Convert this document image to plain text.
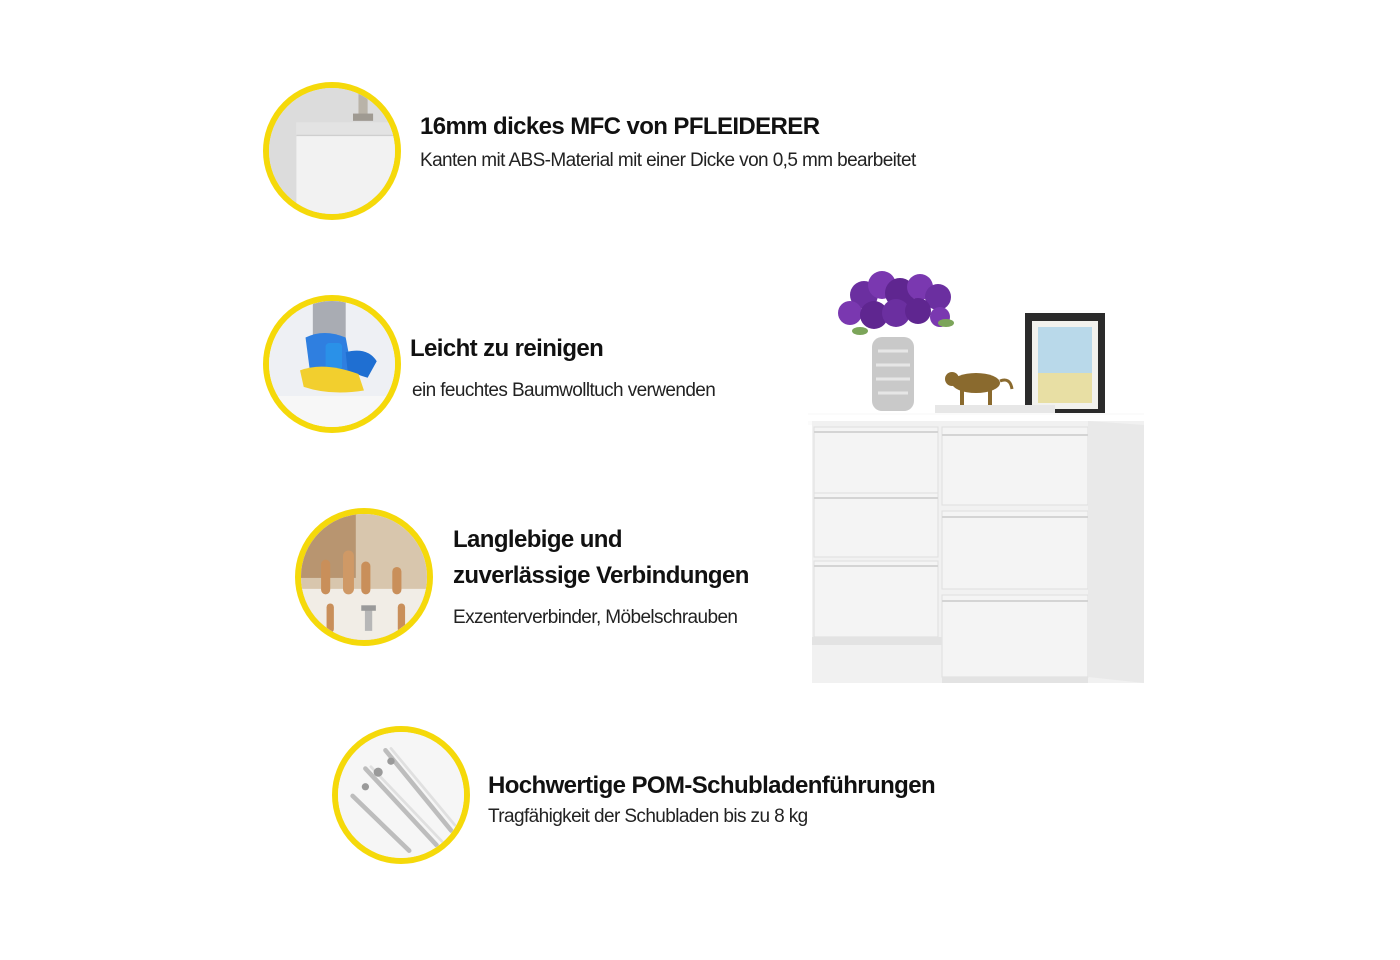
16mm dickes MFC von PFLEIDERER
Kanten mit ABS-Material mit einer Dicke von 0,5 mm bearbeitet
Leicht zu reinigen
ein feuchtes Baumwolltuch verwenden
Langlebige und
zuverlässige Verbindungen
Exzenterverbinder, Möbelschrauben
Hochwertige POM-Schubladenführungen
Tragfähigkeit der Schubladen bis zu 8 kg
